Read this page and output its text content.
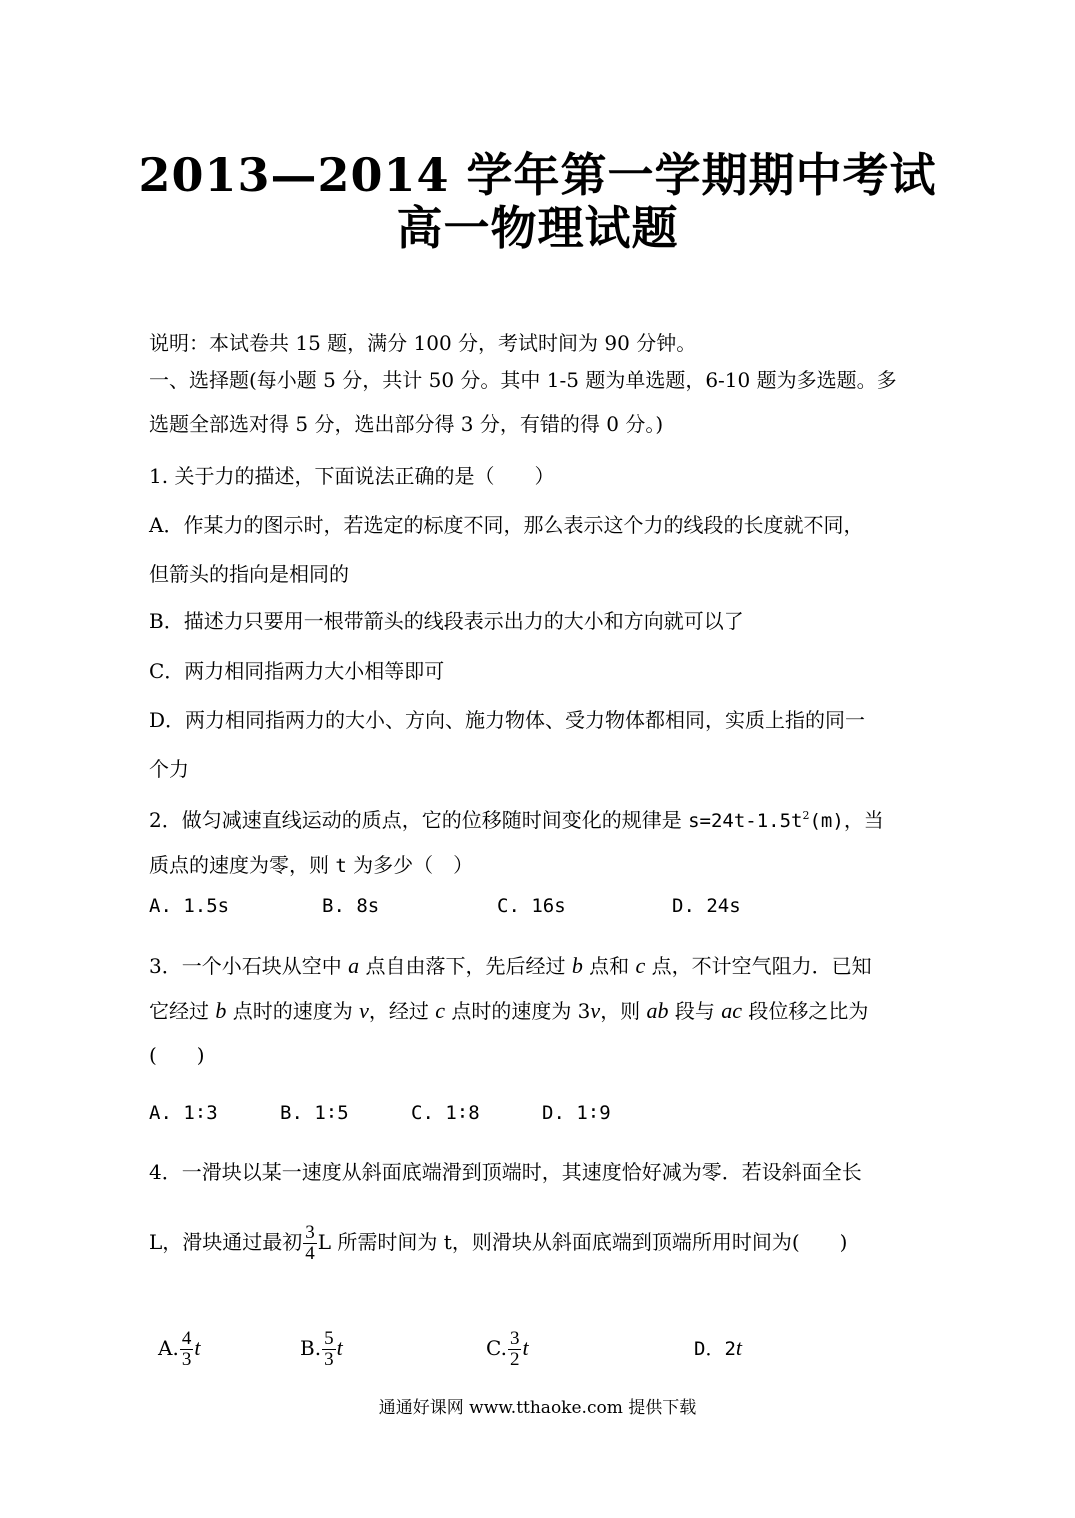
2013—2014 学年第一学期期中考试
高一物理试题
说明：本试卷共 15 题，满分 100 分，考试时间为 90 分钟。
一、选择题(每小题 5 分，共计 50 分。其中 1-5 题为单选题，6-10 题为多选题。多
选题全部选对得 5 分，选出部分得 3 分，有错的得 0 分。)
1. 关于力的描述，下面说法正确的是（　　）
A．作某力的图示时，若选定的标度不同，那么表示这个力的线段的长度就不同，
但箭头的指向是相同的
B．描述力只要用一根带箭头的线段表示出力的大小和方向就可以了
C．两力相同指两力大小相等即可
D．两力相同指两力的大小、方向、施力物体、受力物体都相同，实质上指的同一
个力
2．做匀减速直线运动的质点，它的位移随时间变化的规律是 $s=24t-1.5t^2(m)$，当
质点的速度为零，则 t 为多少（　）
A. 1.5s	B. 8s	C. 16s	D. 24s
3．一个小石块从空中 a 点自由落下，先后经过 b 点和 c 点，不计空气阻力．已知
它经过 b 点时的速度为 v，经过 c 点时的速度为 3v，则 ab 段与 ac 段位移之比为
(　　)
A. 1∶3	B. 1∶5	C. 1∶8	D. 1∶9
4．一滑块以某一速度从斜面底端滑到顶端时，其速度恰好减为零．若设斜面全长
L，滑块通过最初 $\frac{3}{4}$ L 所需时间为 t，则滑块从斜面底端到顶端所用时间为(　　)
A. $\frac{4}{3}$ t	B. $\frac{5}{3}$ t	C. $\frac{3}{2}$ t	D．2t
通通好课网 www.tthaoke.com 提供下载
